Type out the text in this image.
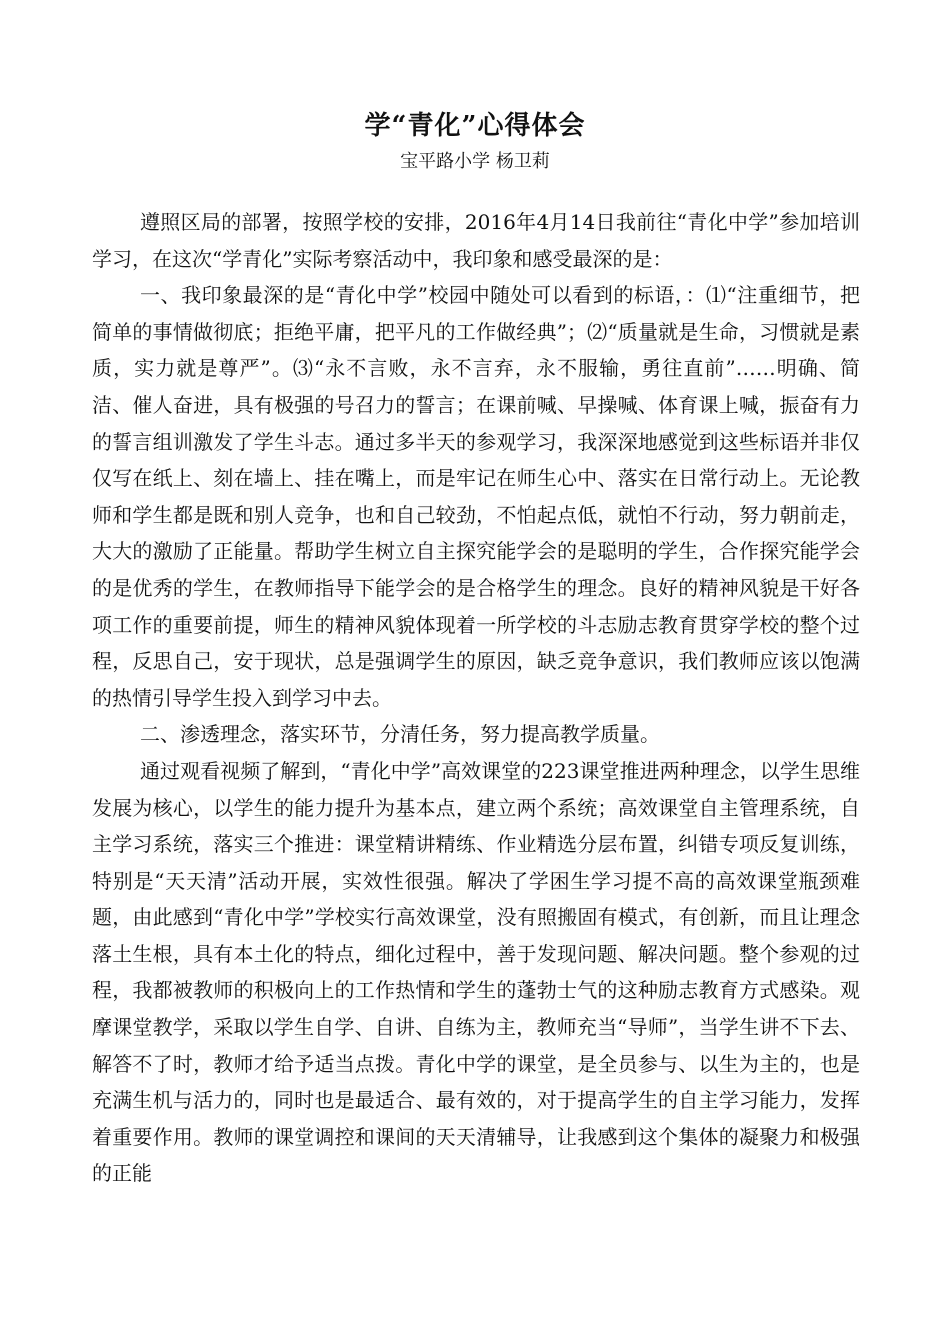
学“青化”心得体会
宝平路小学 杨卫莉

遵照区局的部署，按照学校的安排，2016年4月14日我前往“青化中学”参加培训学习，在这次“学青化”实际考察活动中，我印象和感受最深的是：

一、我印象最深的是“青化中学”校园中随处可以看到的标语，：⑴“注重细节，把简单的事情做彻底；拒绝平庸，把平凡的工作做经典”；⑵“质量就是生命，习惯就是素质，实力就是尊严”。⑶“永不言败，永不言弃，永不服输，勇往直前”……明确、简洁、催人奋进，具有极强的号召力的誓言；在课前喊、早操喊、体育课上喊，振奋有力的誓言组训激发了学生斗志。通过多半天的参观学习，我深深地感觉到这些标语并非仅仅写在纸上、刻在墙上、挂在嘴上，而是牢记在师生心中、落实在日常行动上。无论教师和学生都是既和别人竞争，也和自己较劲，不怕起点低，就怕不行动，努力朝前走，大大的激励了正能量。帮助学生树立自主探究能学会的是聪明的学生，合作探究能学会的是优秀的学生，在教师指导下能学会的是合格学生的理念。良好的精神风貌是干好各项工作的重要前提，师生的精神风貌体现着一所学校的斗志励志教育贯穿学校的整个过程，反思自己，安于现状，总是强调学生的原因，缺乏竞争意识，我们教师应该以饱满的热情引导学生投入到学习中去。

二、渗透理念，落实环节，分清任务，努力提高教学质量。

通过观看视频了解到，“青化中学”高效课堂的223课堂推进两种理念，以学生思维发展为核心，以学生的能力提升为基本点，建立两个系统；高效课堂自主管理系统，自主学习系统，落实三个推进：课堂精讲精练、作业精选分层布置，纠错专项反复训练，特别是“天天清”活动开展，实效性很强。解决了学困生学习提不高的高效课堂瓶颈难题，由此感到“青化中学”学校实行高效课堂，没有照搬固有模式，有创新，而且让理念落土生根，具有本土化的特点，细化过程中，善于发现问题、解决问题。整个参观的过程，我都被教师的积极向上的工作热情和学生的蓬勃士气的这种励志教育方式感染。观摩课堂教学，采取以学生自学、自讲、自练为主，教师充当“导师”，当学生讲不下去、解答不了时，教师才给予适当点拨。青化中学的课堂，是全员参与、以生为主的，也是充满生机与活力的，同时也是最适合、最有效的，对于提高学生的自主学习能力，发挥着重要作用。教师的课堂调控和课间的天天清辅导，让我感到这个集体的凝聚力和极强的正能
